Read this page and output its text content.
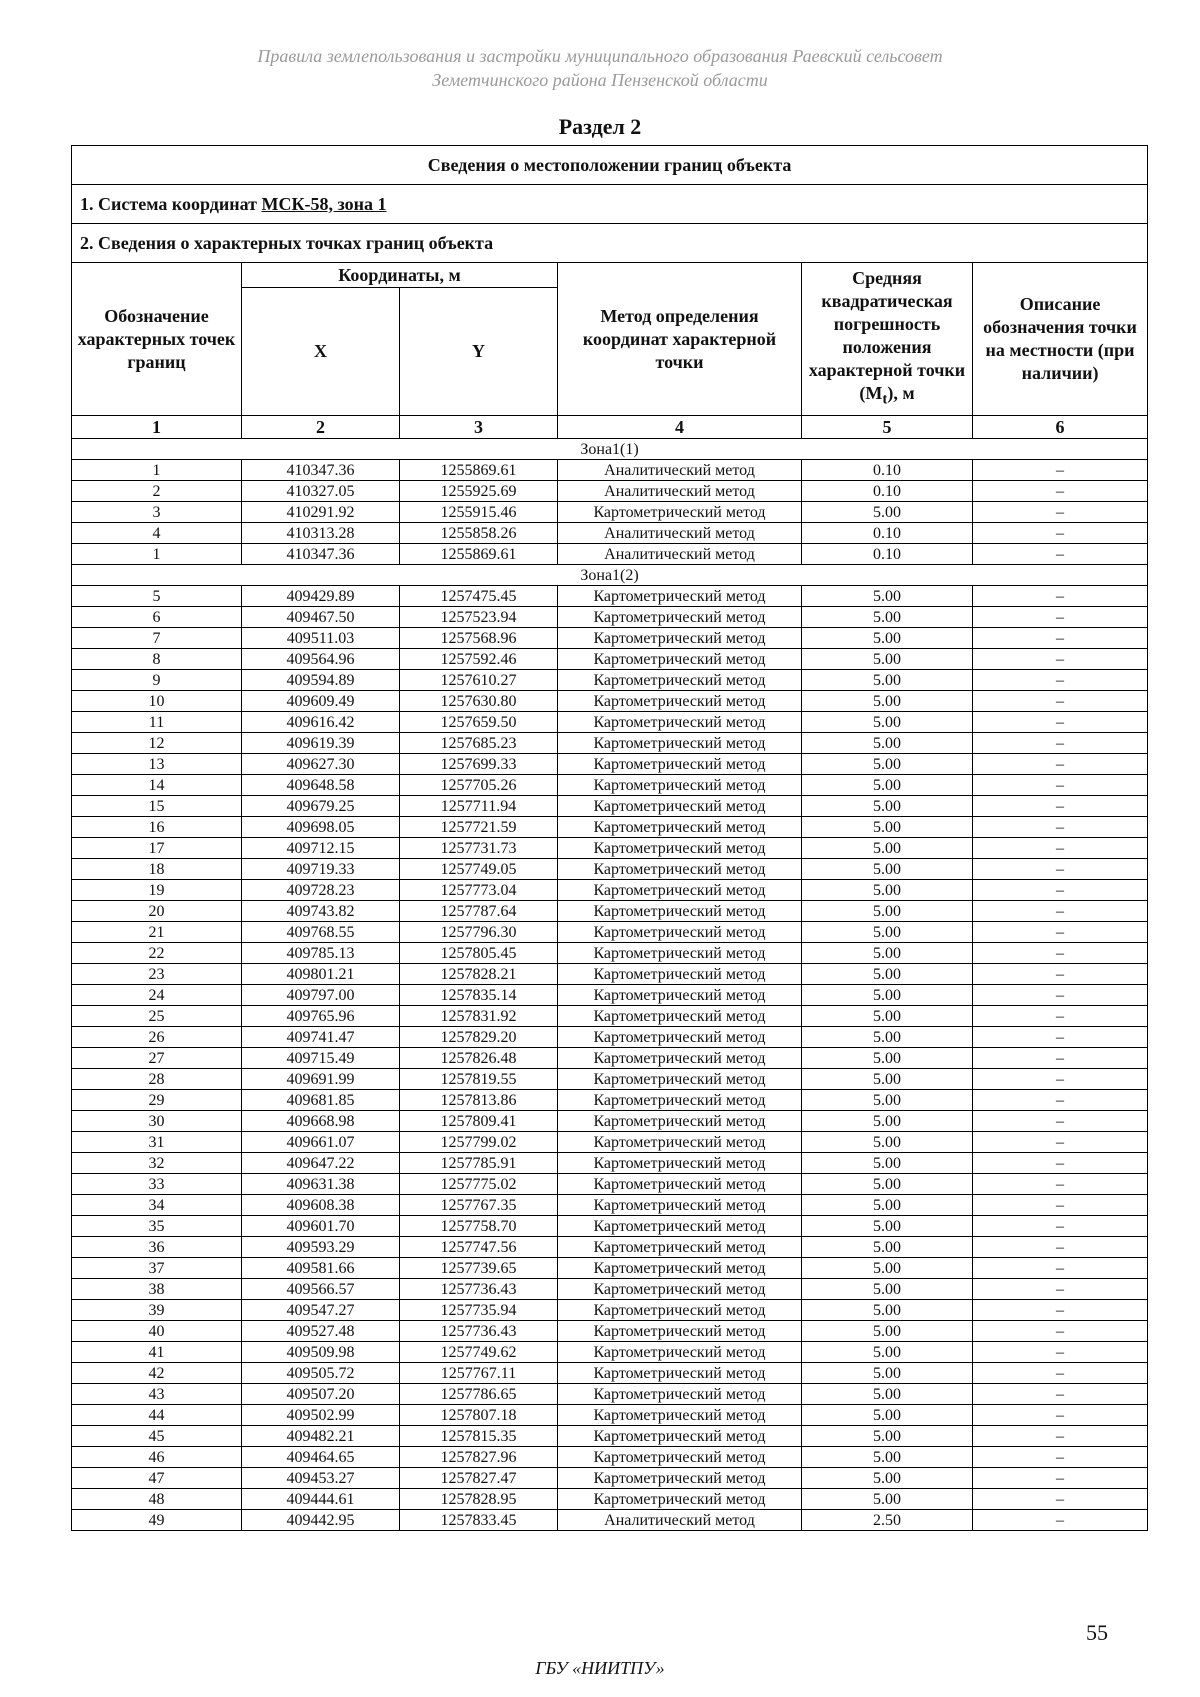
Правила землепользования и застройки муниципального образования Раевский сельсовет
Земетчинского района Пензенской области
Раздел 2
Сведения о местоположении границ объекта					
1. Система координат МСК-58, зона 1					
2. Сведения о характерных точках границ объекта					
Обозначение характерных точек границ	Координаты, м		Метод определения координат характерной точки	Средняя квадратическая погрешность положения характерной точки $(M_t)$, м	Описание обозначения точки на местности (при наличии)
	X	Y			
1	2	3	4	5	6
Зона1(1)					
1	410347.36	1255869.61	Аналитический метод	0.10	–
2	410327.05	1255925.69	Аналитический метод	0.10	–
3	410291.92	1255915.46	Картометрический метод	5.00	–
4	410313.28	1255858.26	Аналитический метод	0.10	–
1	410347.36	1255869.61	Аналитический метод	0.10	–
Зона1(2)					
5	409429.89	1257475.45	Картометрический метод	5.00	–
6	409467.50	1257523.94	Картометрический метод	5.00	–
7	409511.03	1257568.96	Картометрический метод	5.00	–
8	409564.96	1257592.46	Картометрический метод	5.00	–
9	409594.89	1257610.27	Картометрический метод	5.00	–
10	409609.49	1257630.80	Картометрический метод	5.00	–
11	409616.42	1257659.50	Картометрический метод	5.00	–
12	409619.39	1257685.23	Картометрический метод	5.00	–
13	409627.30	1257699.33	Картометрический метод	5.00	–
14	409648.58	1257705.26	Картометрический метод	5.00	–
15	409679.25	1257711.94	Картометрический метод	5.00	–
16	409698.05	1257721.59	Картометрический метод	5.00	–
17	409712.15	1257731.73	Картометрический метод	5.00	–
18	409719.33	1257749.05	Картометрический метод	5.00	–
19	409728.23	1257773.04	Картометрический метод	5.00	–
20	409743.82	1257787.64	Картометрический метод	5.00	–
21	409768.55	1257796.30	Картометрический метод	5.00	–
22	409785.13	1257805.45	Картометрический метод	5.00	–
23	409801.21	1257828.21	Картометрический метод	5.00	–
24	409797.00	1257835.14	Картометрический метод	5.00	–
25	409765.96	1257831.92	Картометрический метод	5.00	–
26	409741.47	1257829.20	Картометрический метод	5.00	–
27	409715.49	1257826.48	Картометрический метод	5.00	–
28	409691.99	1257819.55	Картометрический метод	5.00	–
29	409681.85	1257813.86	Картометрический метод	5.00	–
30	409668.98	1257809.41	Картометрический метод	5.00	–
31	409661.07	1257799.02	Картометрический метод	5.00	–
32	409647.22	1257785.91	Картометрический метод	5.00	–
33	409631.38	1257775.02	Картометрический метод	5.00	–
34	409608.38	1257767.35	Картометрический метод	5.00	–
35	409601.70	1257758.70	Картометрический метод	5.00	–
36	409593.29	1257747.56	Картометрический метод	5.00	–
37	409581.66	1257739.65	Картометрический метод	5.00	–
38	409566.57	1257736.43	Картометрический метод	5.00	–
39	409547.27	1257735.94	Картометрический метод	5.00	–
40	409527.48	1257736.43	Картометрический метод	5.00	–
41	409509.98	1257749.62	Картометрический метод	5.00	–
42	409505.72	1257767.11	Картометрический метод	5.00	–
43	409507.20	1257786.65	Картометрический метод	5.00	–
44	409502.99	1257807.18	Картометрический метод	5.00	–
45	409482.21	1257815.35	Картометрический метод	5.00	–
46	409464.65	1257827.96	Картометрический метод	5.00	–
47	409453.27	1257827.47	Картометрический метод	5.00	–
48	409444.61	1257828.95	Картометрический метод	5.00	–
49	409442.95	1257833.45	Аналитический метод	2.50	–
55
ГБУ «НИИТПУ»
